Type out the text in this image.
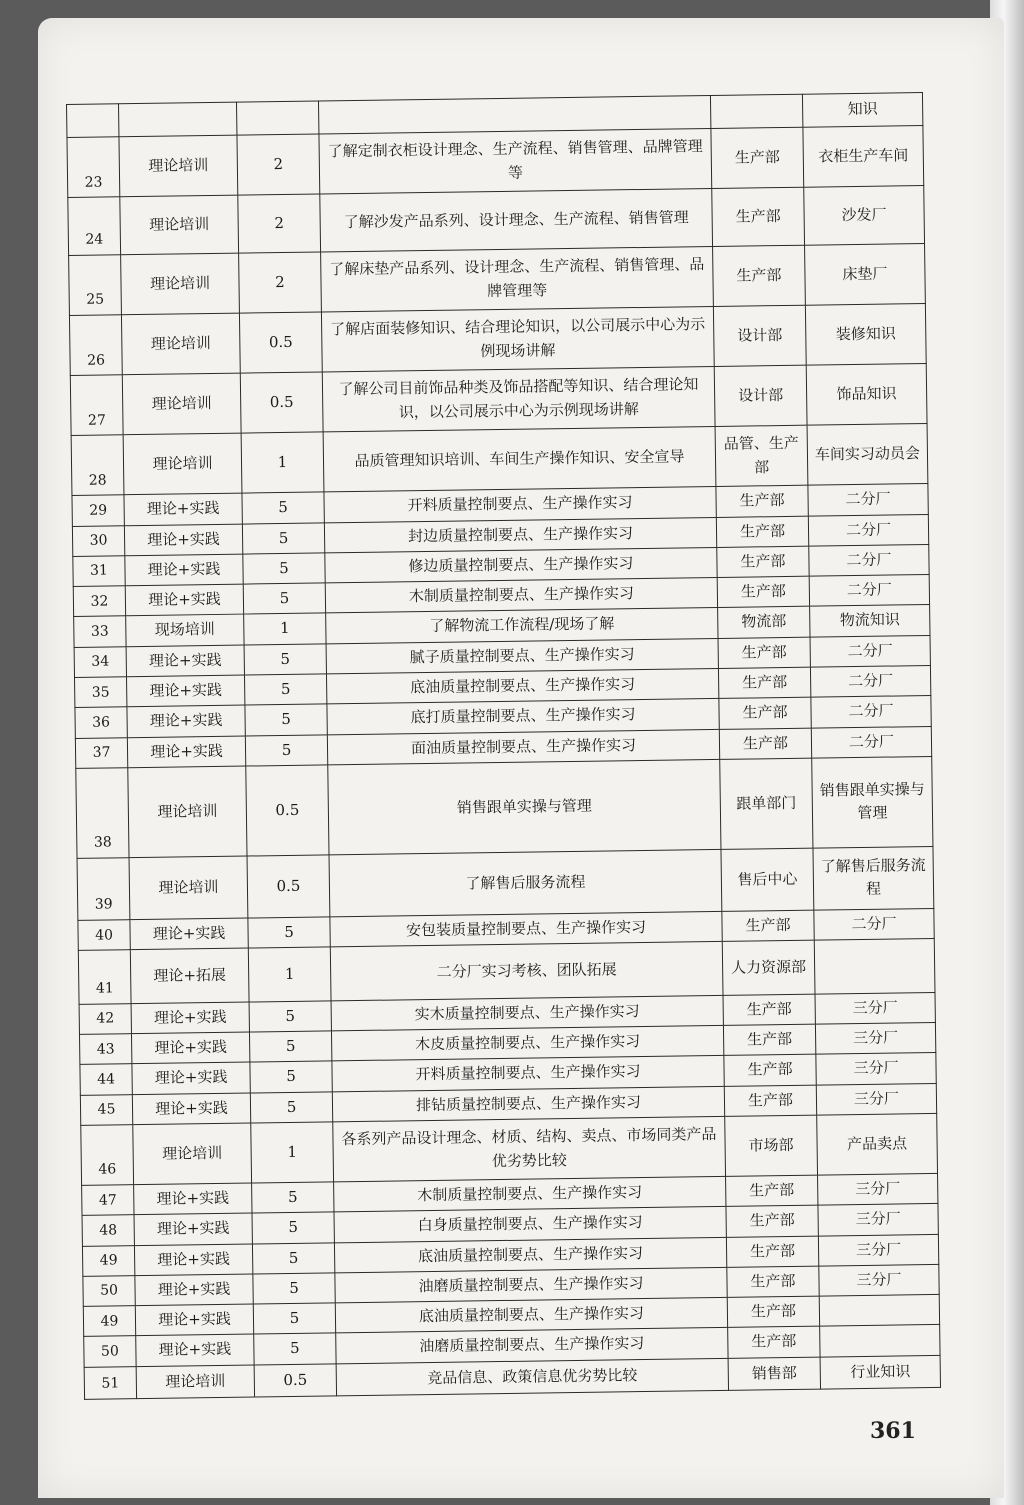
					知识
23	理论培训	2	了解定制衣柜设计理念、生产流程、销售管理、品牌管理等	生产部	衣柜生产车间
24	理论培训	2	了解沙发产品系列、设计理念、生产流程、销售管理	生产部	沙发厂
25	理论培训	2	了解床垫产品系列、设计理念、生产流程、销售管理、品牌管理等	生产部	床垫厂
26	理论培训	0.5	了解店面装修知识、结合理论知识，以公司展示中心为示例现场讲解	设计部	装修知识
27	理论培训	0.5	了解公司目前饰品种类及饰品搭配等知识、结合理论知识，以公司展示中心为示例现场讲解	设计部	饰品知识
28	理论培训	1	品质管理知识培训、车间生产操作知识、安全宣导	品管、生产部	车间实习动员会
29	理论+实践	5	开料质量控制要点、生产操作实习	生产部	二分厂
30	理论+实践	5	封边质量控制要点、生产操作实习	生产部	二分厂
31	理论+实践	5	修边质量控制要点、生产操作实习	生产部	二分厂
32	理论+实践	5	木制质量控制要点、生产操作实习	生产部	二分厂
33	现场培训	1	了解物流工作流程/现场了解	物流部	物流知识
34	理论+实践	5	腻子质量控制要点、生产操作实习	生产部	二分厂
35	理论+实践	5	底油质量控制要点、生产操作实习	生产部	二分厂
36	理论+实践	5	底打质量控制要点、生产操作实习	生产部	二分厂
37	理论+实践	5	面油质量控制要点、生产操作实习	生产部	二分厂
38	理论培训	0.5	销售跟单实操与管理	跟单部门	销售跟单实操与管理
39	理论培训	0.5	了解售后服务流程	售后中心	了解售后服务流程
40	理论+实践	5	安包装质量控制要点、生产操作实习	生产部	二分厂
41	理论+拓展	1	二分厂实习考核、团队拓展	人力资源部	
42	理论+实践	5	实木质量控制要点、生产操作实习	生产部	三分厂
43	理论+实践	5	木皮质量控制要点、生产操作实习	生产部	三分厂
44	理论+实践	5	开料质量控制要点、生产操作实习	生产部	三分厂
45	理论+实践	5	排钻质量控制要点、生产操作实习	生产部	三分厂
46	理论培训	1	各系列产品设计理念、材质、结构、卖点、市场同类产品优劣势比较	市场部	产品卖点
47	理论+实践	5	木制质量控制要点、生产操作实习	生产部	三分厂
48	理论+实践	5	白身质量控制要点、生产操作实习	生产部	三分厂
49	理论+实践	5	底油质量控制要点、生产操作实习	生产部	三分厂
50	理论+实践	5	油磨质量控制要点、生产操作实习	生产部	三分厂
49	理论+实践	5	底油质量控制要点、生产操作实习	生产部	
50	理论+实践	5	油磨质量控制要点、生产操作实习	生产部	
51	理论培训	0.5	竞品信息、政策信息优劣势比较	销售部	行业知识
361
